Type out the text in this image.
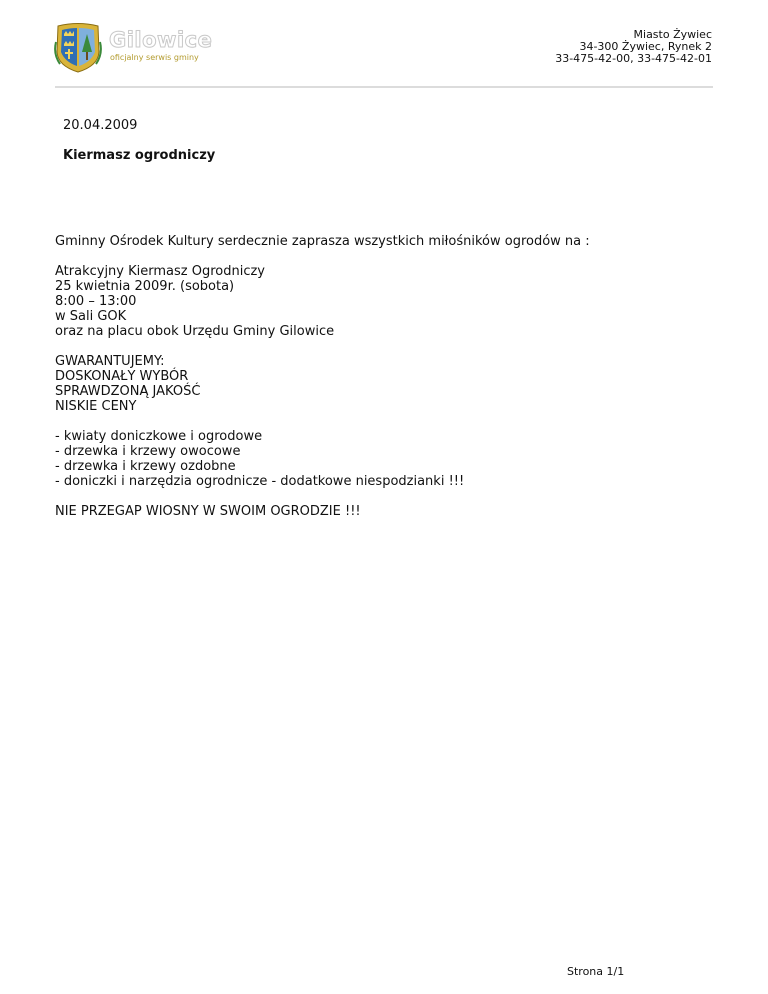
Gilowice
oficjalny serwis gminy
Miasto Żywiec
34-300 Żywiec, Rynek 2
33-475-42-00, 33-475-42-01
20.04.2009
Kiermasz ogrodniczy

Gminny Ośrodek Kultury serdecznie zaprasza wszystkich miłośników ogrodów na :

Atrakcyjny Kiermasz Ogrodniczy
25 kwietnia 2009r. (sobota)
8:00 – 13:00
w Sali GOK
oraz na placu obok Urzędu Gminy Gilowice

GWARANTUJEMY:
DOSKONAŁY WYBÓR
SPRAWDZONĄ JAKOŚĆ
NISKIE CENY

- kwiaty doniczkowe i ogrodowe
- drzewka i krzewy owocowe
- drzewka i krzewy ozdobne
- doniczki i narzędzia ogrodnicze - dodatkowe niespodzianki !!!

NIE PRZEGAP WIOSNY W SWOIM OGRODZIE !!!

Strona 1/1
